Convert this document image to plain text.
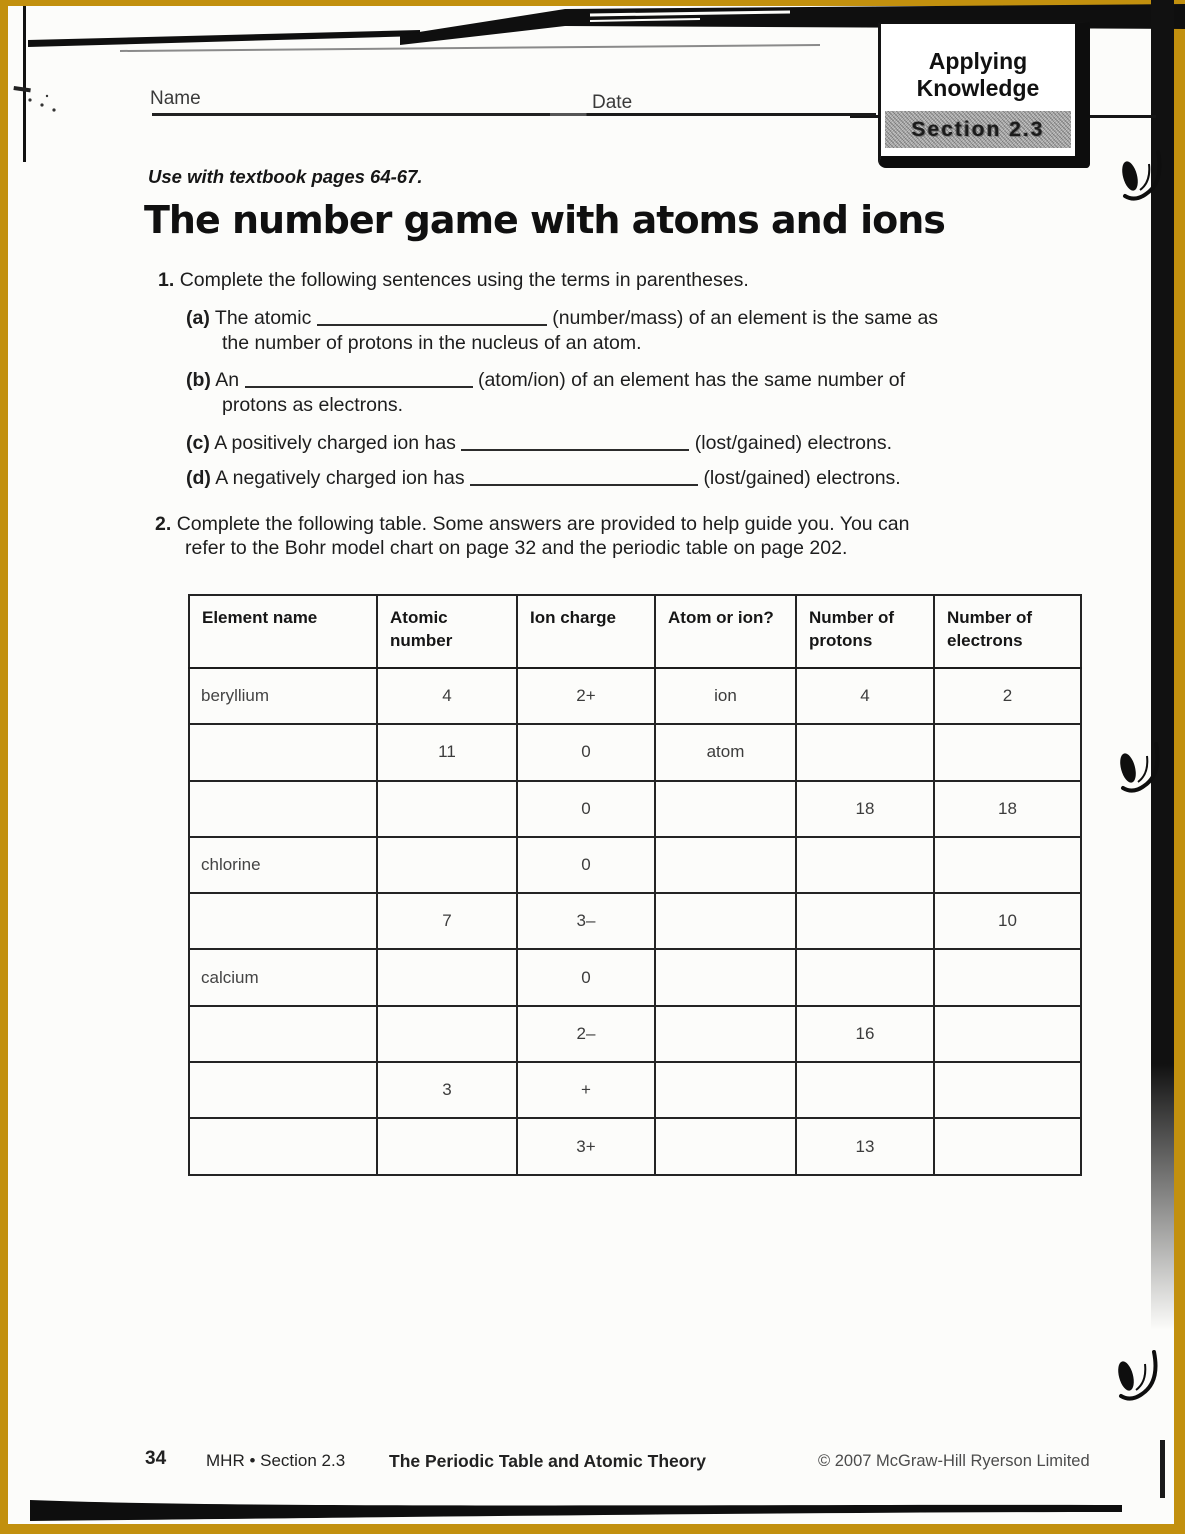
Name	Date
Use with textbook pages 64-67.
The number game with atoms and ions

1. Complete the following sentences using the terms in parentheses.

(a) The atomic	(number/mass) of an element is the same as
the number of protons in the nucleus of an atom.

(b) An	(atom/ion) of an element has the same number of
protons as electrons.

(c) A positively charged ion has	(lost/gained) electrons.

(d) A negatively charged ion has	(lost/gained) electrons.

2. Complete the following table. Some answers are provided to help guide you. You can
refer to the Bohr model chart on page 32 and the periodic table on page 202.

Element name	Atomic number	Ion charge	Atom or ion?	Number of protons	Number of electrons
beryllium	4	2+	ion	4	2
	11	0	atom		
		0		18	18
chlorine		0			
	7	3–			10
calcium		0			
		2–		16	
	3	+			
		3+		13	
Applying
Knowledge
Section 2.3
34 MHR • Section 2.3	The Periodic Table and Atomic Theory	© 2007 McGraw-Hill Ryerson Limited
